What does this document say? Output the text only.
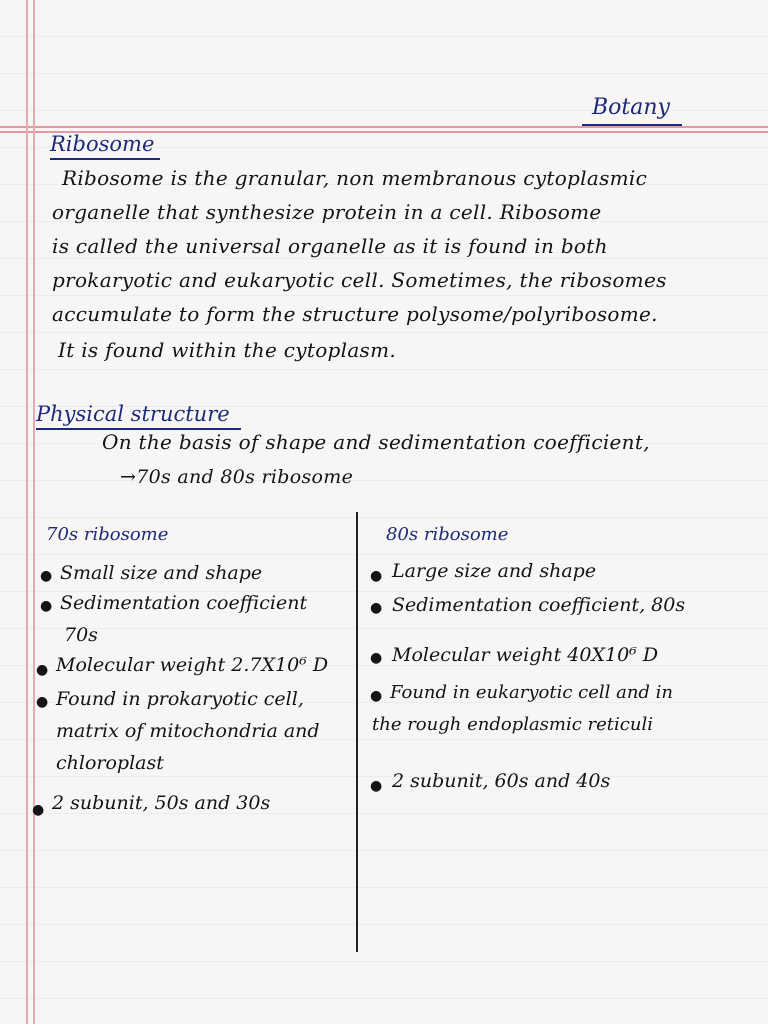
Botany
Ribosome
Ribosome is the granular, non membranous cytoplasmic
organelle that synthesize protein in a cell. Ribosome
is called the universal organelle as it is found in both
prokaryotic and eukaryotic cell. Sometimes, the ribosomes
accumulate to form the structure polysome/polyribosome.
It is found within the cytoplasm.
Physical structure
On the basis of shape and sedimentation coefficient,
→70s and 80s ribosome
70s ribosome	80s ribosome
● Small size and shape
● Sedimentation coefficient
70s
● Molecular weight 2.7X10⁶ D
● Found in prokaryotic cell,
matrix of mitochondria and
chloroplast
● 2 subunit, 50s and 30s
● Large size and shape
● Sedimentation coefficient, 80s
● Molecular weight 40X10⁶ D
● Found in eukaryotic cell and in
the rough endoplasmic reticuli
● 2 subunit, 60s and 40s
